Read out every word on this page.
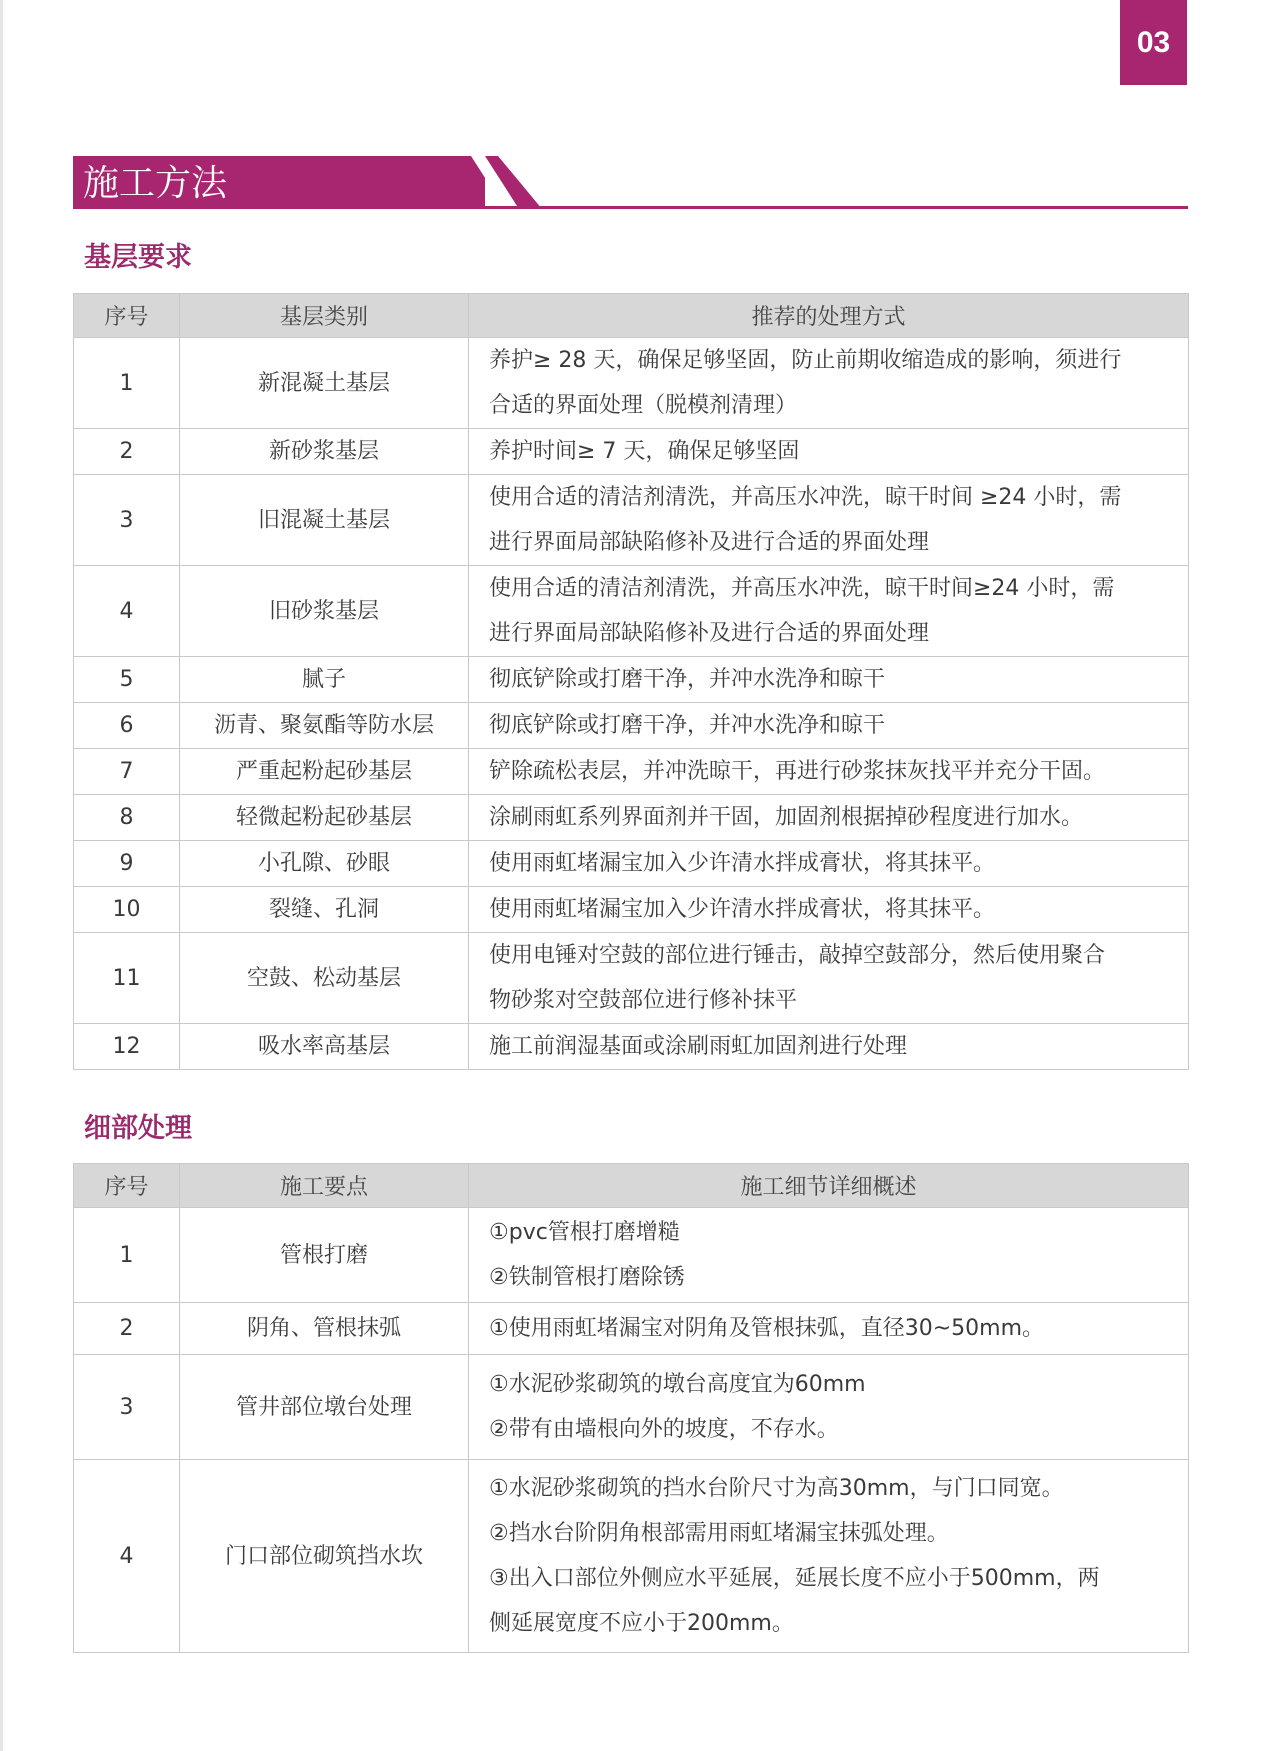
03
施工方法
基层要求
序号	基层类别	推荐的处理方式
1	新混凝土基层	养护≥ 28 天，确保足够坚固，防止前期收缩造成的影响，须进行
合适的界面处理（脱模剂清理）

2	新砂浆基层	养护时间≥ 7 天，确保足够坚固

3	旧混凝土基层	使用合适的清洁剂清洗，并高压水冲洗，晾干时间 ≥24 小时，需
进行界面局部缺陷修补及进行合适的界面处理

4	旧砂浆基层	使用合适的清洁剂清洗，并高压水冲洗，晾干时间≥24 小时，需
进行界面局部缺陷修补及进行合适的界面处理

5	腻子	彻底铲除或打磨干净，并冲水洗净和晾干

6	沥青、聚氨酯等防水层	彻底铲除或打磨干净，并冲水洗净和晾干

7	严重起粉起砂基层	铲除疏松表层，并冲洗晾干，再进行砂浆抹灰找平并充分干固。

8	轻微起粉起砂基层	涂刷雨虹系列界面剂并干固，加固剂根据掉砂程度进行加水。

9	小孔隙、砂眼	使用雨虹堵漏宝加入少许清水拌成膏状，将其抹平。

10	裂缝、孔洞	使用雨虹堵漏宝加入少许清水拌成膏状，将其抹平。

11	空鼓、松动基层	使用电锤对空鼓的部位进行锤击，敲掉空鼓部分，然后使用聚合
物砂浆对空鼓部位进行修补抹平

12	吸水率高基层	施工前润湿基面或涂刷雨虹加固剂进行处理
细部处理
序号	施工要点	施工细节详细概述
1	管根打磨	①pvc管根打磨增糙
②铁制管根打磨除锈

2	阴角、管根抹弧	①使用雨虹堵漏宝对阴角及管根抹弧，直径30~50mm。

3	管井部位墩台处理	①水泥砂浆砌筑的墩台高度宜为60mm
②带有由墙根向外的坡度，不存水。

4	门口部位砌筑挡水坎	①水泥砂浆砌筑的挡水台阶尺寸为高30mm，与门口同宽。
②挡水台阶阴角根部需用雨虹堵漏宝抹弧处理。
③出入口部位外侧应水平延展，延展长度不应小于500mm，两
侧延展宽度不应小于200mm。
